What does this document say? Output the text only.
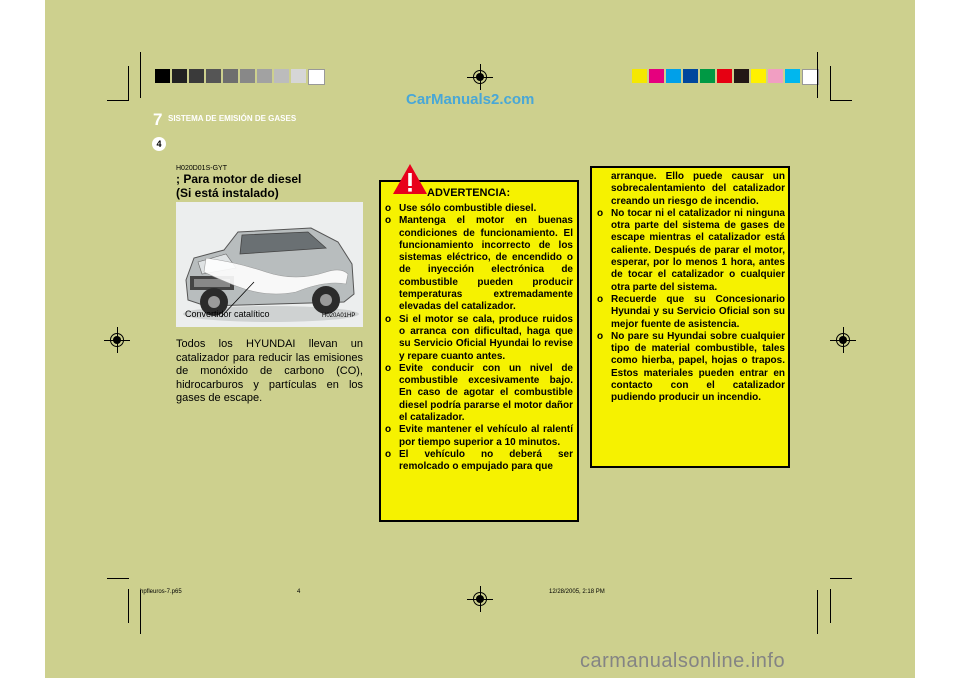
CarManuals2.com
7 SISTEMA DE EMISIÓN DE GASES
4
H020D01S-GYT
; Para motor de diesel
(Si está instalado)
Convertidor catalítico	H020A01HP
Todos los HYUNDAI llevan un catalizador para reducir las emisiones de monóxido de carbono (CO), hidrocarburos y partículas en los gases de escape.
ADVERTENCIA:
o Use sólo combustible diesel.
o Mantenga el motor en buenas condiciones de funcionamiento. El funcionamiento incorrecto de los sistemas eléctrico, de encendido o de inyección electrónica de combustible pueden producir temperaturas extremadamente elevadas del catalizador.
o Si el motor se cala, produce ruidos o arranca con dificultad, haga que su Servicio Oficial Hyundai lo revise y repare cuanto antes.
o Evite conducir con un nivel de combustible excesivamente bajo. En caso de agotar el combustible diesel podría pararse el motor dañor el catalizador.
o Evite mantener el vehículo al ralentí por tiempo superior a 10 minutos.
o El vehículo no deberá ser remolcado o empujado para que
arranque. Ello puede causar un sobrecalentamiento del catalizador creando un riesgo de incendio.
o No tocar ni el catalizador ni ninguna otra parte del sistema de gases de escape mientras el catalizador está caliente. Después de parar el motor, esperar, por lo menos 1 hora, antes de tocar el catalizador o cualquier otra parte del sistema.
o Recuerde que su Concesionario Hyundai y su Servicio Oficial son su mejor fuente de asistencia.
o No pare su Hyundai sobre cualquier tipo de material combustible, tales como hierba, papel, hojas o trapos. Estos materiales pueden entrar en contacto con el catalizador pudiendo producir un incendio.
hpfleuros-7.p65	4	12/28/2005, 2:18 PM
carmanualsonline.info
